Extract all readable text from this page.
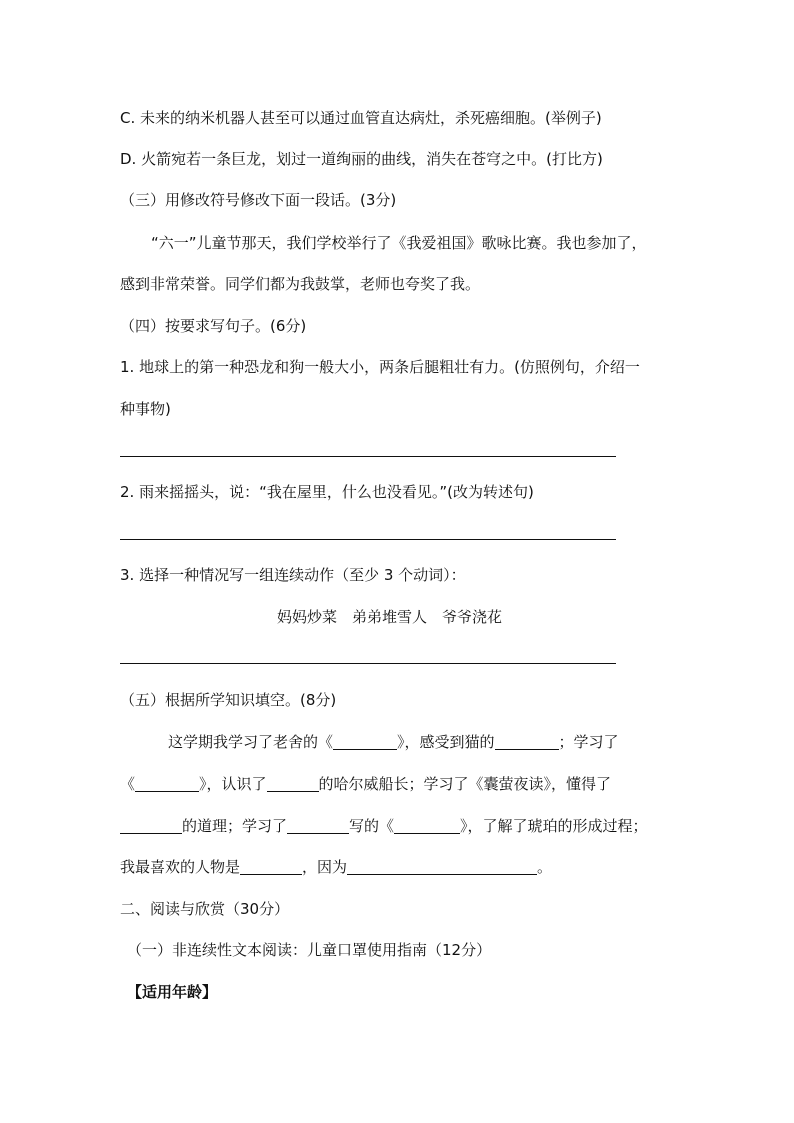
C. 未来的纳米机器人甚至可以通过血管直达病灶，杀死癌细胞。(举例子)
D. 火箭宛若一条巨龙，划过一道绚丽的曲线，消失在苍穹之中。(打比方)
（三）用修改符号修改下面一段话。(3分)
“六一”儿童节那天，我们学校举行了《我爱祖国》歌咏比赛。我也参加了，
感到非常荣誉。同学们都为我鼓掌，老师也夸奖了我。
（四）按要求写句子。(6分)
1. 地球上的第一种恐龙和狗一般大小，两条后腿粗壮有力。(仿照例句，介绍一
种事物)
2. 雨来摇摇头，说：“我在屋里，什么也没看见。”(改为转述句)
3. 选择一种情况写一组连续动作（至少 3 个动词）：
妈妈炒菜　弟弟堆雪人　爷爷浇花
（五）根据所学知识填空。(8分)
这学期我学习了老舍的《	》，感受到猫的	；学习了
《	》，认识了	的哈尔威船长；学习了《囊萤夜读》，懂得了
的道理；学习了	写的《	》，了解了琥珀的形成过程；
我最喜欢的人物是	，因为	。
二、阅读与欣赏（30分）
（一）非连续性文本阅读：儿童口罩使用指南（12分）
【适用年龄】
